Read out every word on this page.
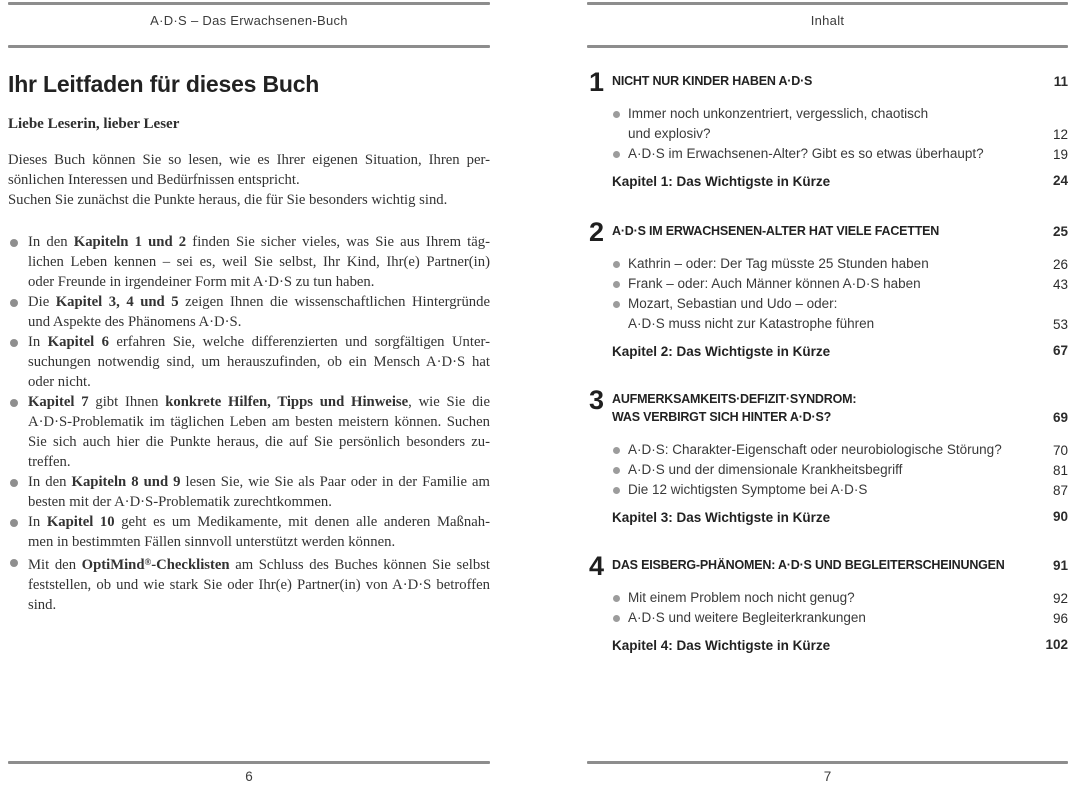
A·D·S – Das Erwachsenen-Buch
Ihr Leitfaden für dieses Buch
Liebe Leserin, lieber Leser
Dieses Buch können Sie so lesen, wie es Ihrer eigenen Situation, Ihren per-
sönlichen Interessen und Bedürfnissen entspricht.
Suchen Sie zunächst die Punkte heraus, die für Sie besonders wichtig sind.
In den Kapiteln 1 und 2 finden Sie sicher vieles, was Sie aus Ihrem täg-
lichen Leben kennen – sei es, weil Sie selbst, Ihr Kind, Ihr(e) Partner(in)
oder Freunde in irgendeiner Form mit A·D·S zu tun haben.
Die Kapitel 3, 4 und 5 zeigen Ihnen die wissenschaftlichen Hintergründe
und Aspekte des Phänomens A·D·S.
In Kapitel 6 erfahren Sie, welche differenzierten und sorgfältigen Unter-
suchungen notwendig sind, um herauszufinden, ob ein Mensch A·D·S hat
oder nicht.
Kapitel 7 gibt Ihnen konkrete Hilfen, Tipps und Hinweise, wie Sie die
A·D·S-Problematik im täglichen Leben am besten meistern können. Suchen
Sie sich auch hier die Punkte heraus, die auf Sie persönlich besonders zu-
treffen.
In den Kapiteln 8 und 9 lesen Sie, wie Sie als Paar oder in der Familie am
besten mit der A·D·S-Problematik zurechtkommen.
In Kapitel 10 geht es um Medikamente, mit denen alle anderen Maßnah-
men in bestimmten Fällen sinnvoll unterstützt werden können.
Mit den OptiMind®-Checklisten am Schluss des Buches können Sie selbst
feststellen, ob und wie stark Sie oder Ihr(e) Partner(in) von A·D·S betroffen
sind.
6
Inhalt
1 NICHT NUR KINDER HABEN A·D·S	11
Immer noch unkonzentriert, vergesslich, chaotisch
und explosiv?	12
A·D·S im Erwachsenen-Alter? Gibt es so etwas überhaupt?	19
Kapitel 1: Das Wichtigste in Kürze	24
2 A·D·S IM ERWACHSENEN-ALTER HAT VIELE FACETTEN	25
Kathrin – oder: Der Tag müsste 25 Stunden haben	26
Frank – oder: Auch Männer können A·D·S haben	43
Mozart, Sebastian und Udo – oder:
A·D·S muss nicht zur Katastrophe führen	53
Kapitel 2: Das Wichtigste in Kürze	67
3 AUFMERKSAMKEITS·DEFIZIT·SYNDROM:
WAS VERBIRGT SICH HINTER A·D·S?	69
A·D·S: Charakter-Eigenschaft oder neurobiologische Störung?	70
A·D·S und der dimensionale Krankheitsbegriff	81
Die 12 wichtigsten Symptome bei A·D·S	87
Kapitel 3: Das Wichtigste in Kürze	90
4 DAS EISBERG-PHÄNOMEN: A·D·S UND BEGLEITERSCHEINUNGEN	91
Mit einem Problem noch nicht genug?	92
A·D·S und weitere Begleiterkrankungen	96
Kapitel 4: Das Wichtigste in Kürze	102
7
